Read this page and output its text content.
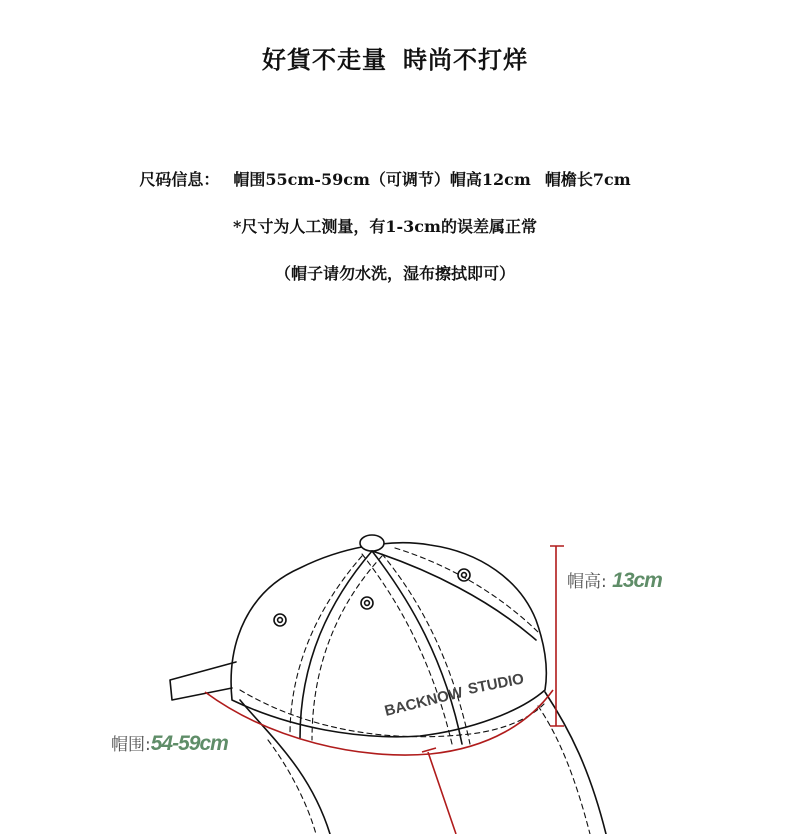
好貨不走量 時尚不打烊
尺码信息： 帽围55cm-59cm（可调节）帽高12cm 帽檐长7cm
*尺寸为人工测量，有1-3cm的误差属正常
（帽子请勿水洗，湿布擦拭即可）
BACKNOW STUDIO
帽高: 13cm
帽围:54-59cm
